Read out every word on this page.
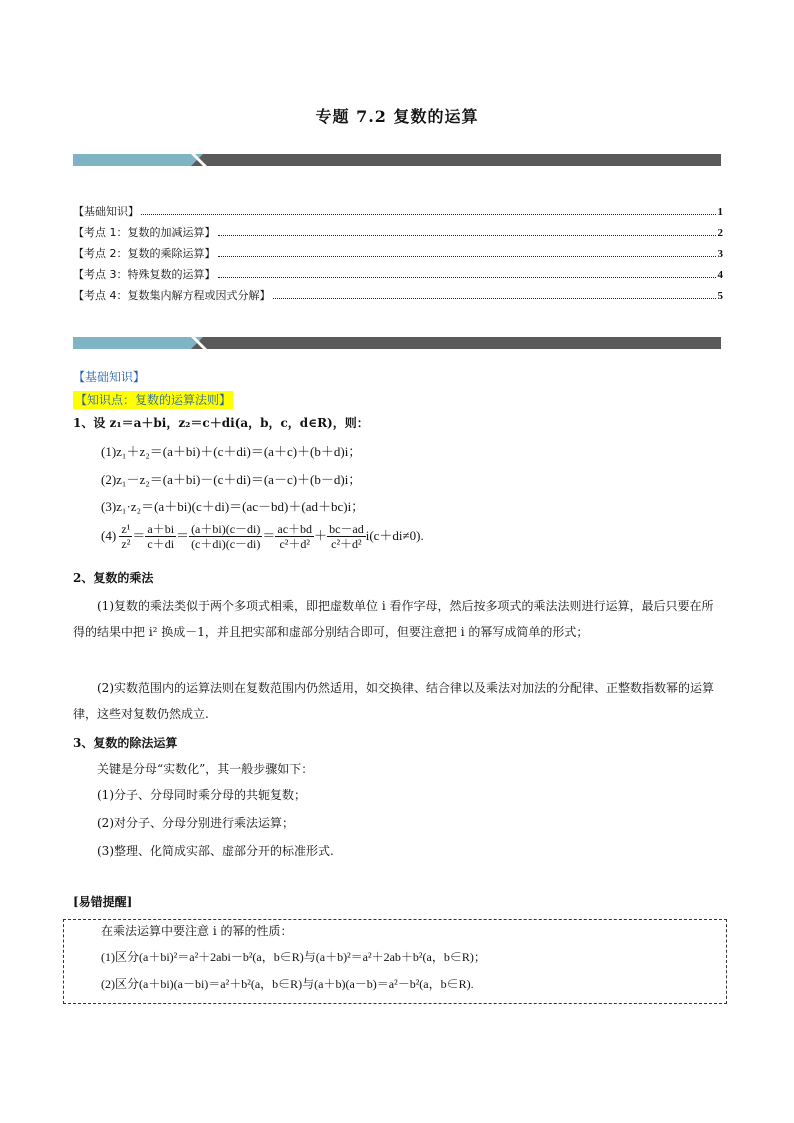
专题 7.2 复数的运算
【基础知识】	1
【考点 1：复数的加减运算】	2
【考点 2：复数的乘除运算】	3
【考点 3：特殊复数的运算】	4
【考点 4：复数集内解方程或因式分解】	5
【基础知识】
【知识点：复数的运算法则】
1、设 z₁＝a＋bi，z₂＝c＋di(a，b，c，d∈R)，则：
(1)z₁＋z₂＝(a＋bi)＋(c＋di)＝(a＋c)＋(b＋d)i；
(2)z₁－z₂＝(a＋bi)－(c＋di)＝(a－c)＋(b－d)i；
(3)z₁·z₂＝(a＋bi)(c＋di)＝(ac－bd)＋(ad＋bc)i；
$(4) \frac{\text{z¹}}{\text{z²}} = \frac{a+bi}{c+di} = \frac{(a+bi)(c-di)}{(c+di)(c-di)} = \frac{ac+bd}{\text{c²＋d²}} + \frac{bc-ad}{\text{c²＋d²}} i(c+di\ne 0)$.
2、复数的乘法
(1)复数的乘法类似于两个多项式相乘，即把虚数单位 i 看作字母，然后按多项式的乘法法则进行运算，最后只要在所得的结果中把 i² 换成－1，并且把实部和虚部分别结合即可，但要注意把 i 的幂写成简单的形式；
(2)实数范围内的运算法则在复数范围内仍然适用，如交换律、结合律以及乘法对加法的分配律、正整数指数幂的运算律，这些对复数仍然成立.
3、复数的除法运算
关键是分母“实数化”，其一般步骤如下：
(1)分子、分母同时乘分母的共轭复数；
(2)对分子、分母分别进行乘法运算；
(3)整理、化简成实部、虚部分开的标准形式.
[易错提醒]
在乘法运算中要注意 i 的幂的性质：
(1)区分(a＋bi)²＝a²＋2abi－b²(a，b∈R)与(a＋b)²＝a²＋2ab＋b²(a，b∈R)；
(2)区分(a＋bi)(a－bi)＝a²＋b²(a，b∈R)与(a＋b)(a－b)＝a²－b²(a，b∈R).
